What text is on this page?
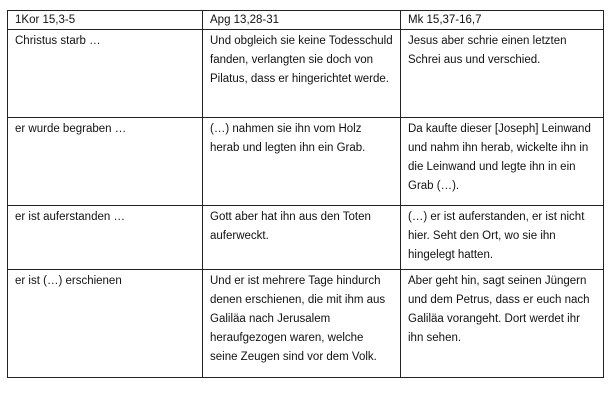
1Kor 15,3-5	Apg 13,28-31	Mk 15,37-16,7
Christus starb …	Und obgleich sie keine Todesschuld fanden, verlangten sie doch von Pilatus, dass er hingerichtet werde.	Jesus aber schrie einen letzten Schrei aus und verschied.
er wurde begraben …	(…) nahmen sie ihn vom Holz herab und legten ihn ein Grab.	Da kaufte dieser [Joseph] Leinwand und nahm ihn herab, wickelte ihn in die Leinwand und legte ihn in ein Grab (…).
er ist auferstanden …	Gott aber hat ihn aus den Toten auferweckt.	(…) er ist auferstanden, er ist nicht hier. Seht den Ort, wo sie ihn hingelegt hatten.
er ist (…) erschienen	Und er ist mehrere Tage hindurch denen erschienen, die mit ihm aus Galiläa nach Jerusalem heraufgezogen waren, welche seine Zeugen sind vor dem Volk.	Aber geht hin, sagt seinen Jüngern und dem Petrus, dass er euch nach Galiläa vorangeht. Dort werdet ihr ihn sehen.
